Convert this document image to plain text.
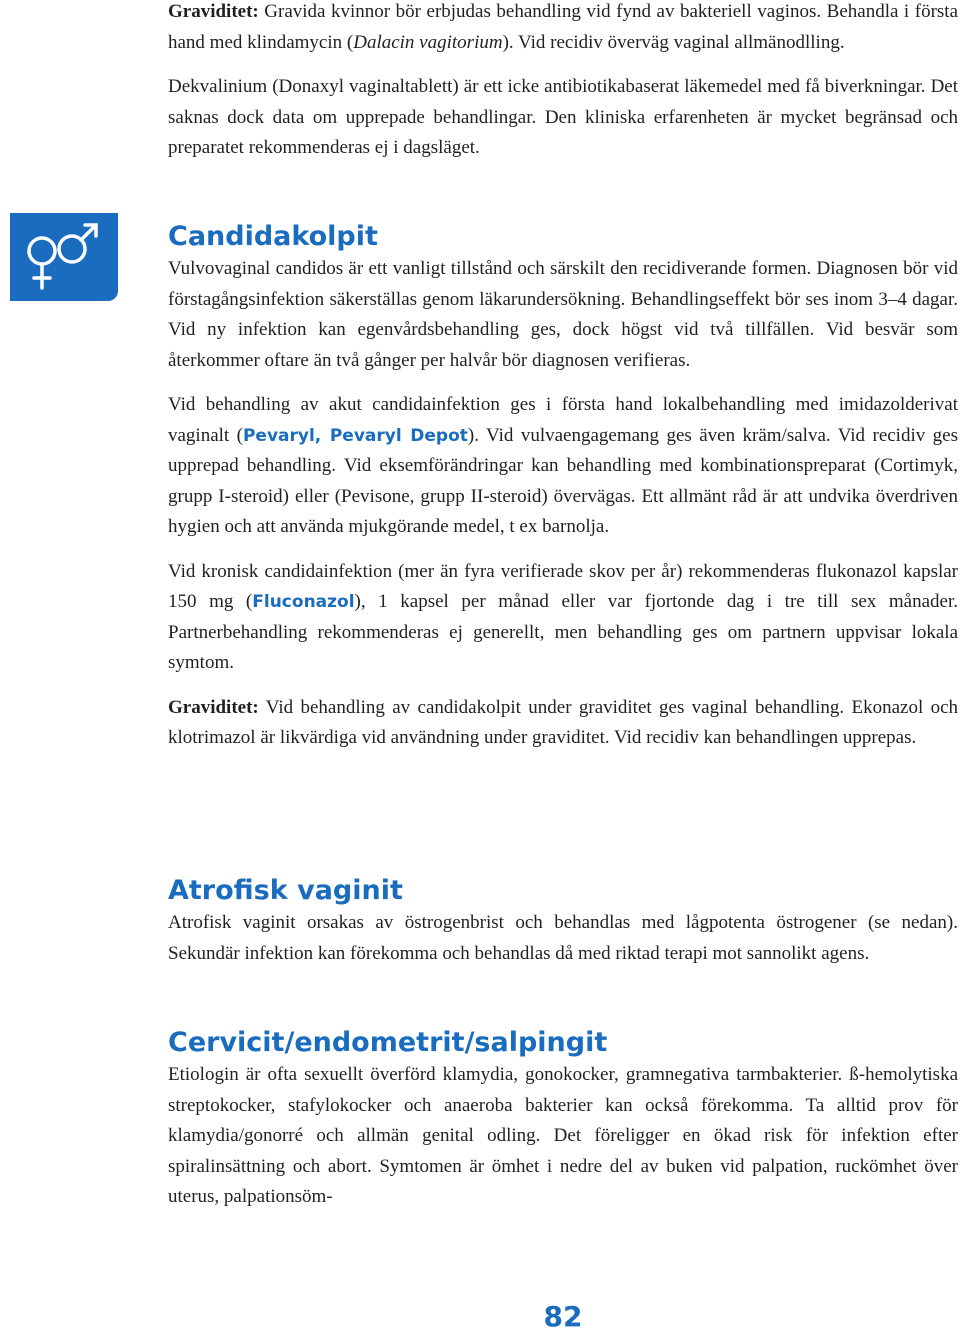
Graviditet: Gravida kvinnor bör erbjudas behandling vid fynd av bakteriell vaginos. Behandla i första hand med klindamycin (Dalacin vagitorium). Vid recidiv överväg vaginal allmänodlling.

Dekvalinium (Donaxyl vaginaltablett) är ett icke antibiotikabaserat läkemedel med få biverkningar. Det saknas dock data om upprepade behandlingar. Den kliniska erfarenheten är mycket begränsad och preparatet rekommenderas ej i dagsläget.

Candidakolpit

Vulvovaginal candidos är ett vanligt tillstånd och särskilt den recidiverande formen. Diagnosen bör vid förstagångsinfektion säkerställas genom läkarundersökning. Behandlingseffekt bör ses inom 3–4 dagar. Vid ny infektion kan egenvårdsbehandling ges, dock högst vid två tillfällen. Vid besvär som återkommer oftare än två gånger per halvår bör diagnosen verifieras.

Vid behandling av akut candidainfektion ges i första hand lokalbehandling med imidazolderivat vaginalt (Pevaryl, Pevaryl Depot). Vid vulvaengagemang ges även kräm/salva. Vid recidiv ges upprepad behandling. Vid eksemförändringar kan behandling med kombinationspreparat (Cortimyk, grupp I-steroid) eller (Pevisone, grupp II-steroid) övervägas. Ett allmänt råd är att undvika överdriven hygien och att använda mjukgörande medel, t ex barnolja.

Vid kronisk candidainfektion (mer än fyra verifierade skov per år) rekommenderas flukonazol kapslar 150 mg (Fluconazol), 1 kapsel per månad eller var fjortonde dag i tre till sex månader. Partnerbehandling rekommenderas ej generellt, men behandling ges om partnern uppvisar lokala symtom.

Graviditet: Vid behandling av candidakolpit under graviditet ges vaginal behandling. Ekonazol och klotrimazol är likvärdiga vid användning under graviditet. Vid recidiv kan behandlingen upprepas.

Atrofisk vaginit

Atrofisk vaginit orsakas av östrogenbrist och behandlas med lågpotenta östrogener (se nedan). Sekundär infektion kan förekomma och behandlas då med riktad terapi mot sannolikt agens.

Cervicit/endometrit/salpingit

Etiologin är ofta sexuellt överförd klamydia, gonokocker, gramnegativa tarmbakterier. ß-hemolytiska streptokocker, stafylokocker och anaeroba bakterier kan också förekomma. Ta alltid prov för klamydia/gonorré och allmän genital odling. Det föreligger en ökad risk för infektion efter spiralinsättning och abort. Symtomen är ömhet i nedre del av buken vid palpation, ruckömhet över uterus, palpationsöm-

82
